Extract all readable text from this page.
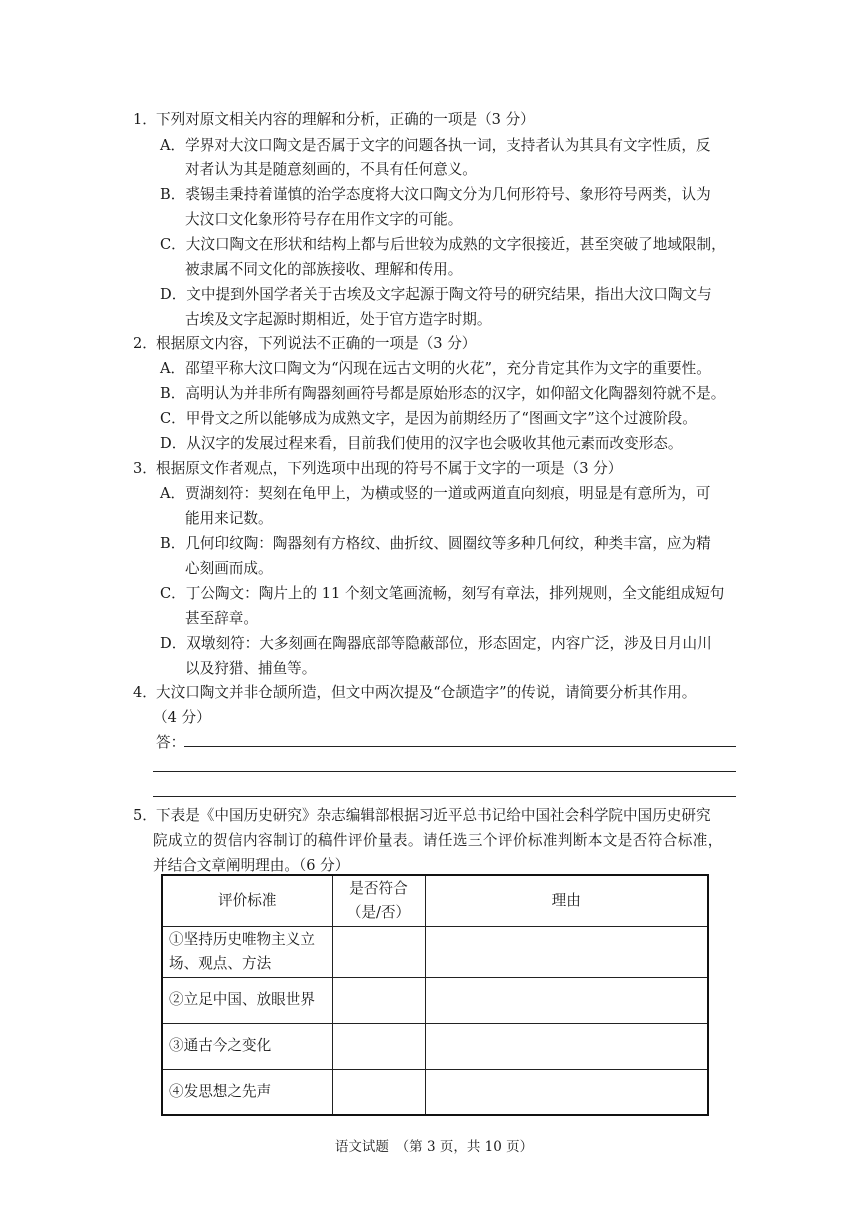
1． 下列对原文相关内容的理解和分析，正确的一项是（3 分）
A．学界对大汶口陶文是否属于文字的问题各执一词，支持者认为其具有文字性质，反
对者认为其是随意刻画的，不具有任何意义。
B．裘锡圭秉持着谨慎的治学态度将大汶口陶文分为几何形符号、象形符号两类，认为
大汶口文化象形符号存在用作文字的可能。
C．大汶口陶文在形状和结构上都与后世较为成熟的文字很接近，甚至突破了地域限制，
被隶属不同文化的部族接收、理解和传用。
D．文中提到外国学者关于古埃及文字起源于陶文符号的研究结果，指出大汶口陶文与
古埃及文字起源时期相近，处于官方造字时期。
2． 根据原文内容，下列说法不正确的一项是（3 分）
A．邵望平称大汶口陶文为“闪现在远古文明的火花”，充分肯定其作为文字的重要性。
B．高明认为并非所有陶器刻画符号都是原始形态的汉字，如仰韶文化陶器刻符就不是。
C．甲骨文之所以能够成为成熟文字，是因为前期经历了“图画文字”这个过渡阶段。
D．从汉字的发展过程来看，目前我们使用的汉字也会吸收其他元素而改变形态。
3． 根据原文作者观点，下列选项中出现的符号不属于文字的一项是（3 分）
A．贾湖刻符：契刻在龟甲上，为横或竖的一道或两道直向刻痕，明显是有意所为，可
能用来记数。
B．几何印纹陶：陶器刻有方格纹、曲折纹、圆圈纹等多种几何纹，种类丰富，应为精
心刻画而成。
C．丁公陶文：陶片上的 11 个刻文笔画流畅，刻写有章法，排列规则，全文能组成短句
甚至辞章。
D．双墩刻符：大多刻画在陶器底部等隐蔽部位，形态固定，内容广泛，涉及日月山川
以及狩猎、捕鱼等。
4． 大汶口陶文并非仓颉所造，但文中两次提及“仓颉造字”的传说，请简要分析其作用。
（4 分）
答：
5． 下表是《中国历史研究》杂志编辑部根据习近平总书记给中国社会科学院中国历史研究
院成立的贺信内容制订的稿件评价量表。请任选三个评价标准判断本文是否符合标准，
并结合文章阐明理由。（6 分）
评价标准	是否符合
（是/否）	理由

①坚持历史唯物主义立
场、观点、方法		

②立足中国、放眼世界		
③通古今之变化		
④发思想之先声		
语文试题　（第 3 页，共 10 页）
